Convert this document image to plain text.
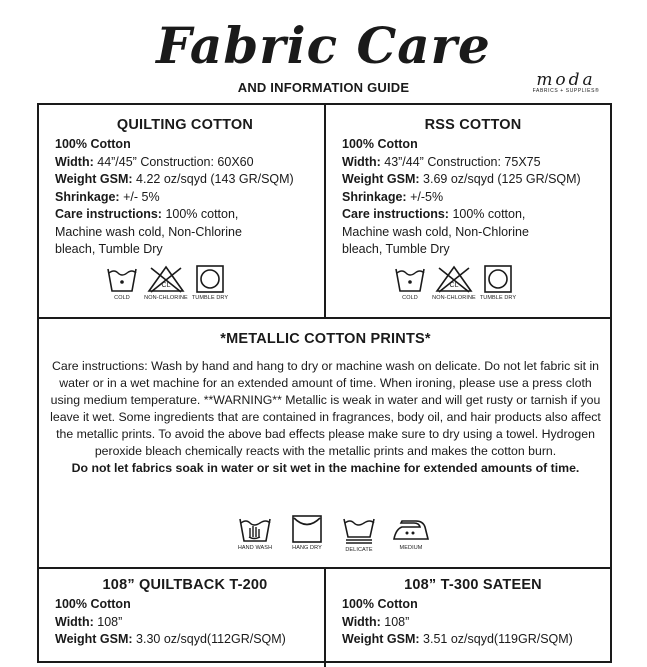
Fabric Care
AND INFORMATION GUIDE	moda
FABRICS + SUPPLIES®
QUILTING COTTON
100% Cotton
Width: 44”/45” Construction: 60X60
Weight GSM: 4.22 oz/sqyd (143 GR/SQM)
Shrinkage: +/- 5%
Care instructions: 100% cotton, Machine wash cold, Non-Chlorine bleach, Tumble Dry
COLD
CL
NON-CHLORINE TUMBLE DRY
RSS COTTON
100% Cotton
Width: 43”/44” Construction: 75X75
Weight GSM: 3.69 oz/sqyd (125 GR/SQM)
Shrinkage: +/-5%
Care instructions: 100% cotton, Machine wash cold, Non-Chlorine bleach, Tumble Dry
COLD
CL
NON-CHLORINE TUMBLE DRY
*METALLIC COTTON PRINTS*

Care instructions: Wash by hand and hang to dry or machine wash on delicate. Do not let fabric sit in water or in a wet machine for an extended amount of time. When ironing, please use a press cloth using medium temperature. **WARNING** Metallic is weak in water and will get rusty or tarnish if you leave it wet. Some ingredients that are contained in fragrances, body oil, and hair products also affect the metallic prints. To avoid the above bad effects please make sure to dry using a towel. Hydrogen peroxide bleach chemically reacts with the metallic prints and makes the cotton burn.

Do not let fabrics soak in water or sit wet in the machine for extended amounts of time.

HAND WASH	HANG DRY	DELICATE	MEDIUM
108” QUILTBACK T-200
100% Cotton
Width: 108”
Weight GSM: 3.30 oz/sqyd(112GR/SQM)
108” T-300 SATEEN
100% Cotton
Width: 108”
Weight GSM: 3.51 oz/sqyd(119GR/SQM)
